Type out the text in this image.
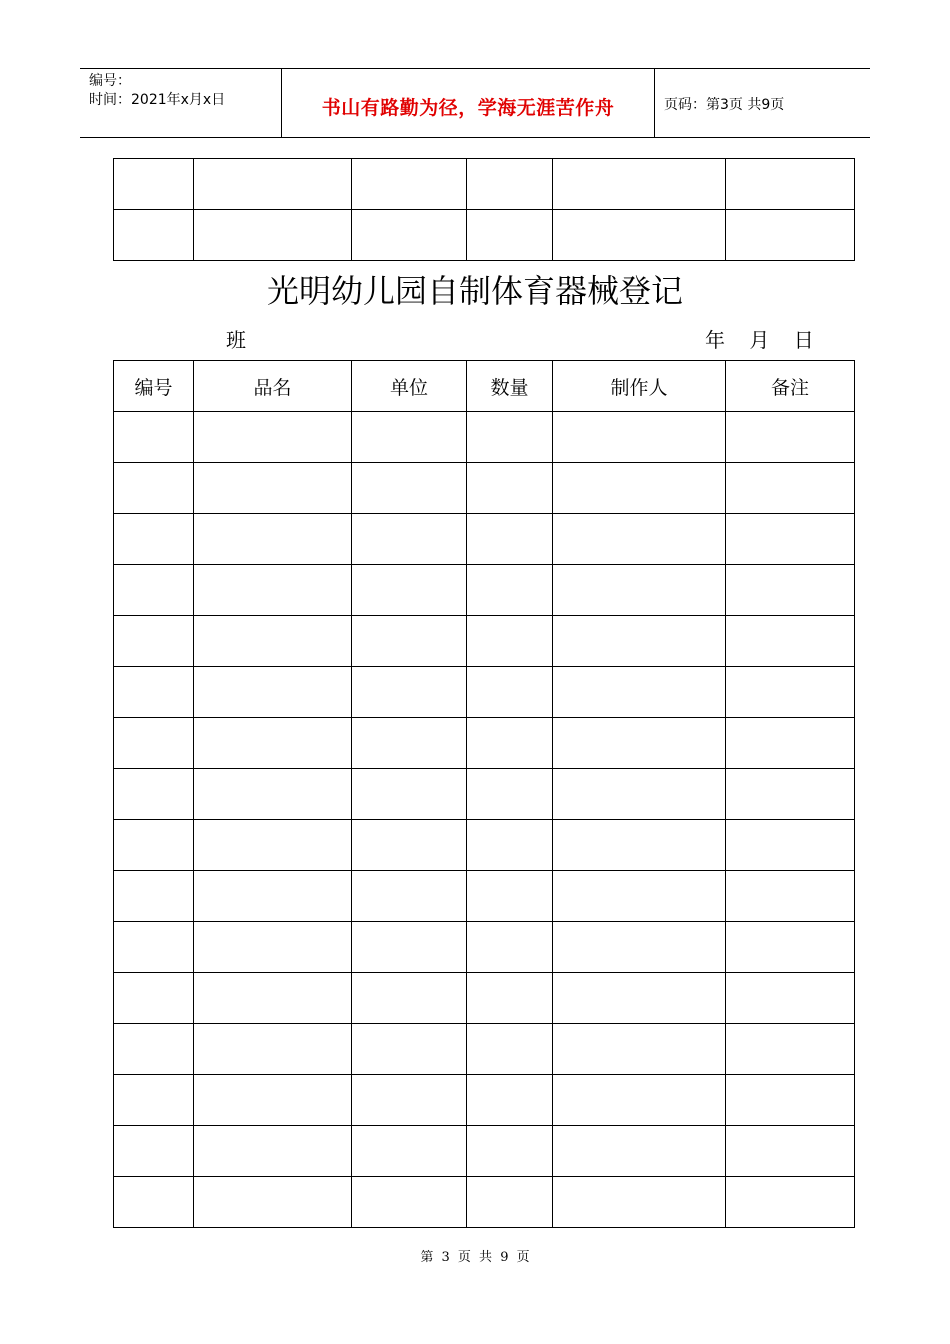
编号：
时间：2021年x月x日	书山有路勤为径，学海无涯苦作舟	页码：第3页 共9页

光明幼儿园自制体育器械登记
班	年 月 日
编号	品名	单位	数量	制作人	备注

第 3 页 共 9 页
